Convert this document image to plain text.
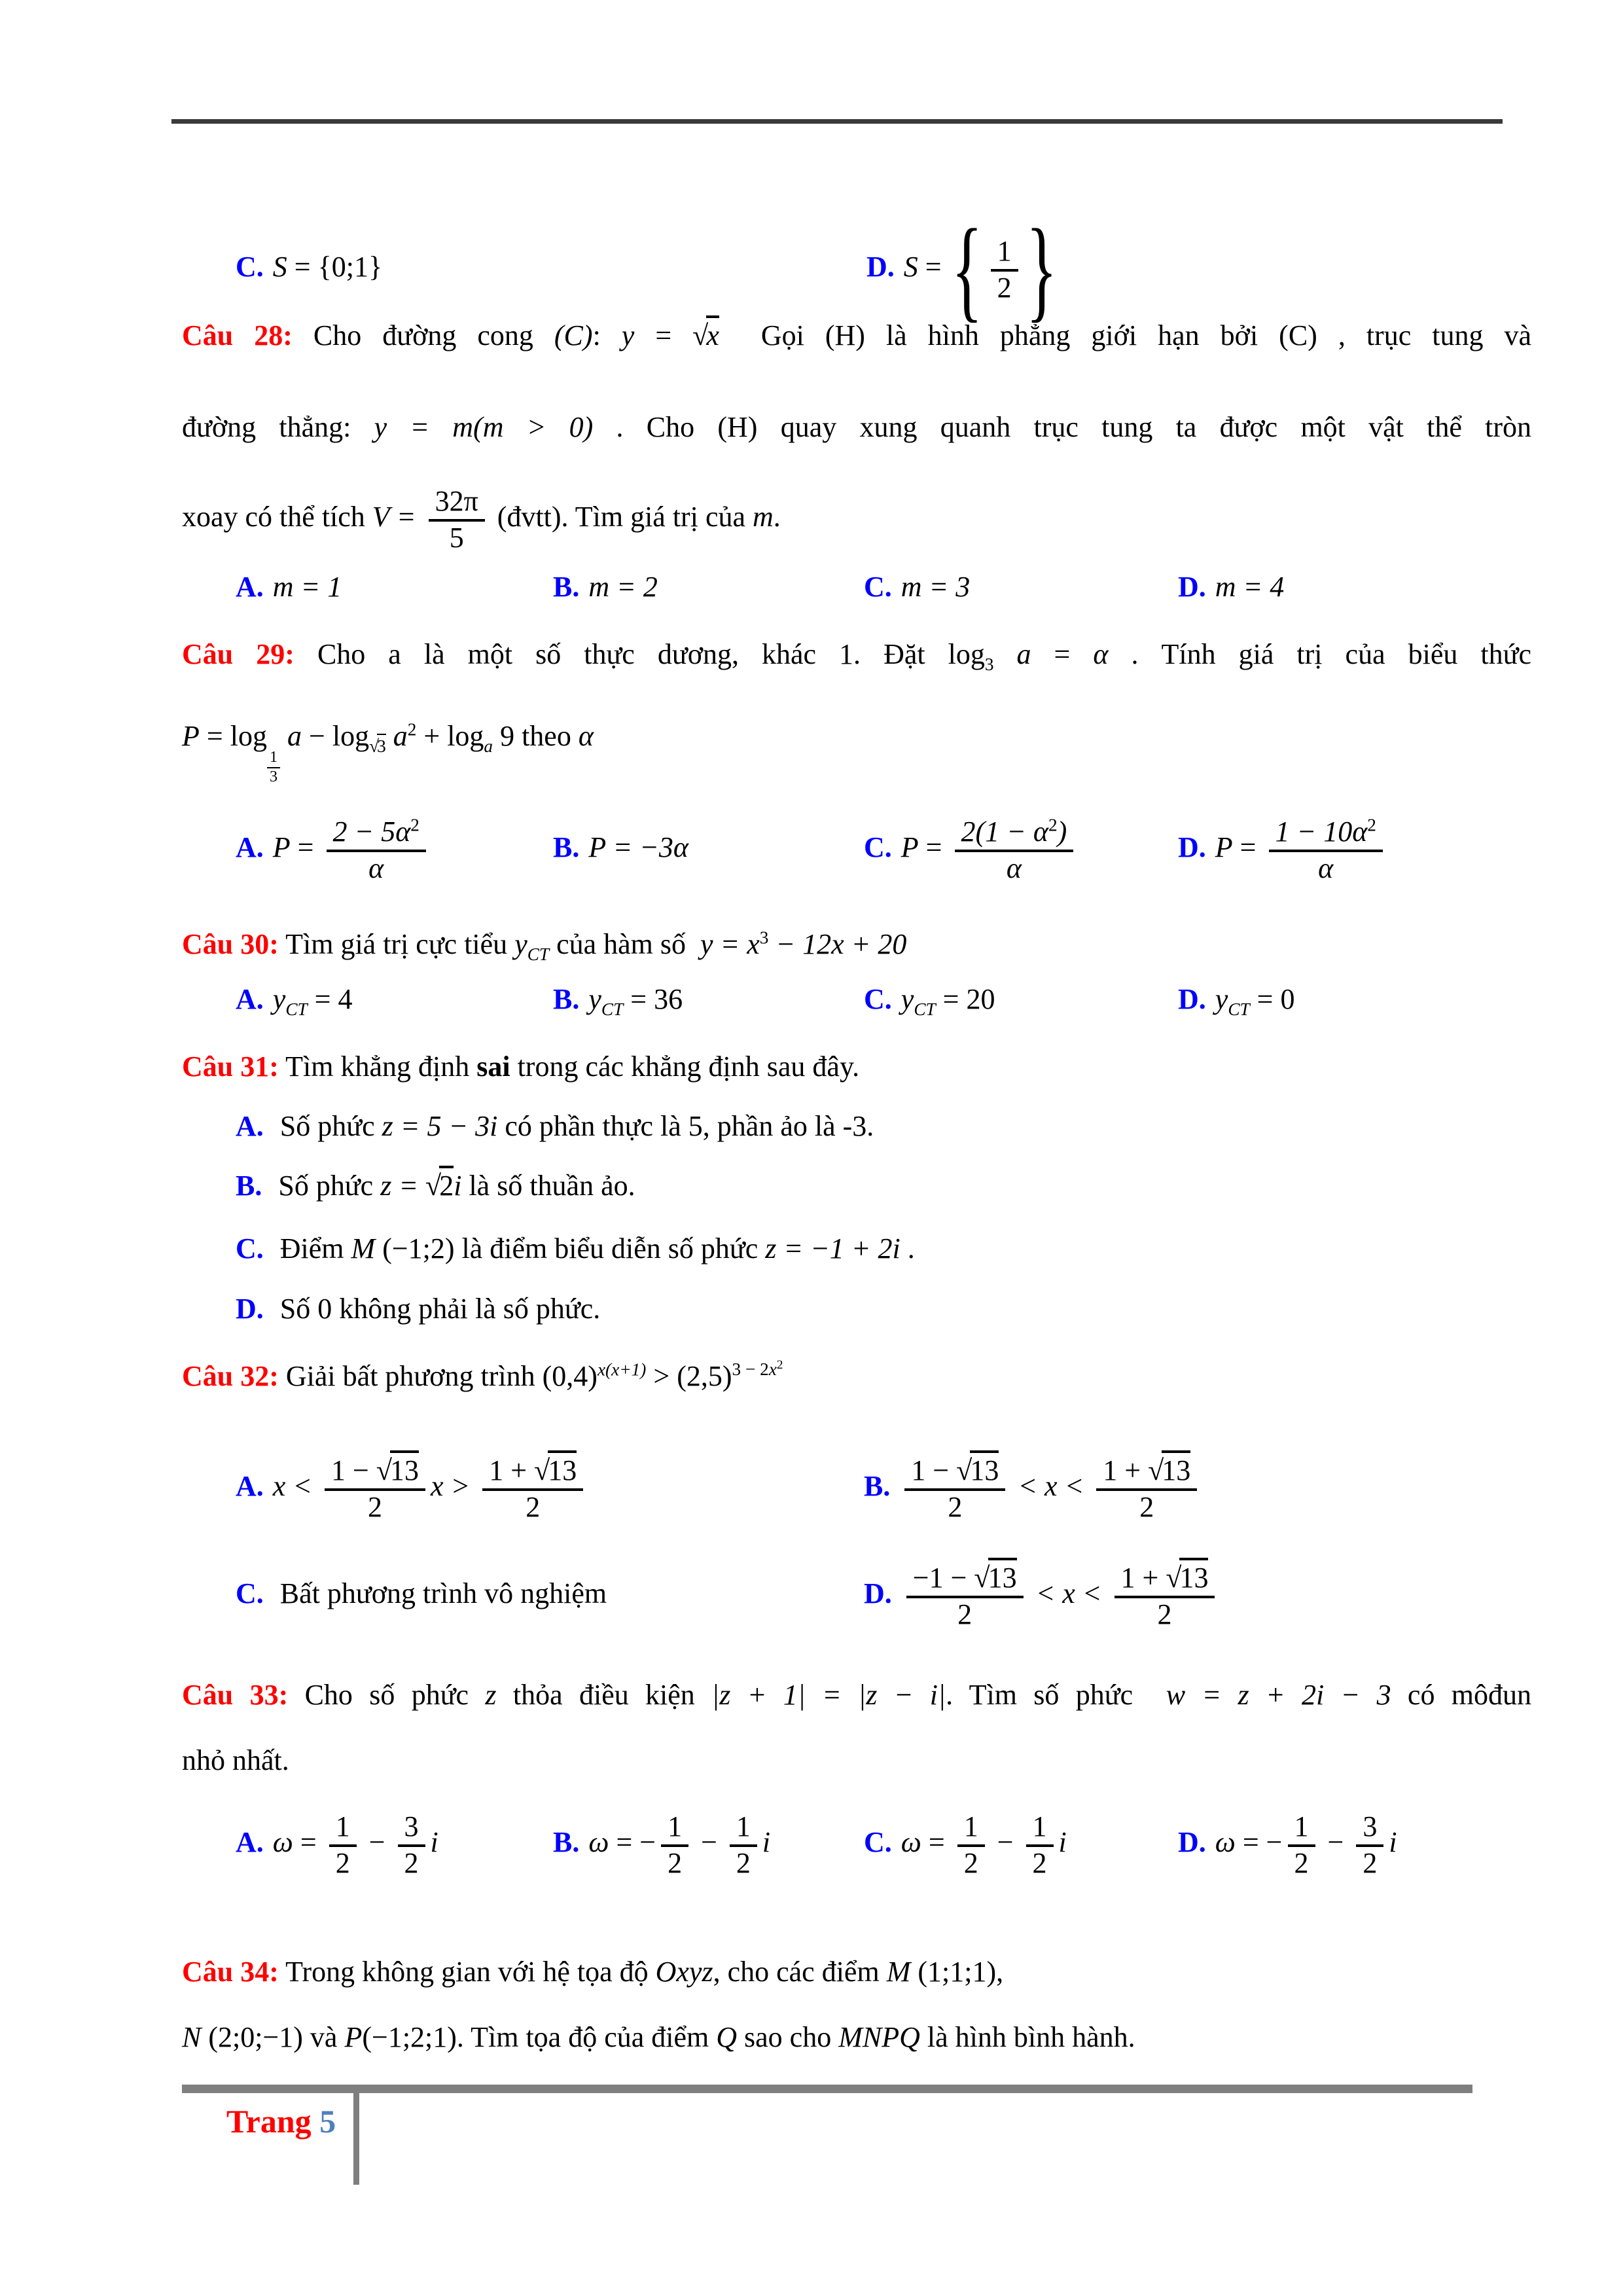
C. S = {0;1}	D. S = { $\frac{1}{2}$ }
Câu 28: Cho đường cong (C): y = √x  Gọi (H) là hình phẳng giới hạn bởi (C) , trục tung và
đường thẳng: y = m(m > 0) . Cho (H) quay xung quanh trục tung ta được một vật thể tròn
xoay có thể tích $V = \frac{32\pi}{5}$ (đvtt). Tìm giá trị của m.
A. m = 1	B. m = 2	C. m = 3	D. m = 4
Câu 29: Cho a là một số thực dương, khác 1. Đặt $\log_3 a = \alpha$ . Tính giá trị của biểu thức
P = log
$\frac{1}{3}$
$a - \log_{√3} a^2 + \log_a 9$ theo α
A. $P = \frac{2 - 5\alpha^2}{\alpha}$	B. P = −3α	C. $P = \frac{2(1 - \alpha^2)}{\alpha}$	D. $P = \frac{1 - 10\alpha^2}{\alpha}$
Câu 30: Tìm giá trị cực tiểu $y_{CT}$ của hàm số  $y = x^3 - 12x + 20$
A. $y_{CT} = 4$	B. $y_{CT} = 36$	C. $y_{CT} = 20$	D. $y_{CT} = 0$
Câu 31: Tìm khẳng định sai trong các khẳng định sau đây.
A. Số phức z = 5 − 3i có phần thực là 5, phần ảo là -3.
B. Số phức z = √2i là số thuần ảo.
C. Điểm M (−1;2) là điểm biểu diễn số phức z = −1 + 2i .
D. Số 0 không phải là số phức.
Câu 32: Giải bất phương trình $(0,4)^{x(x+1)} > (2,5)^{3 - 2x^2}$
A. $x < \frac{1 - √13}{2}$ $x > \frac{1 + √13}{2}$	B. $\frac{1 - √13}{2} < x < \frac{1 + √13}{2}$
C. Bất phương trình vô nghiệm	D. $\frac{-1 - √13}{2} < x < \frac{1 + √13}{2}$
Câu 33: Cho số phức z thỏa điều kiện |z + 1| = |z − i|. Tìm số phức  w = z + 2i − 3 có môđun
nhỏ nhất.
A. $\omega = \frac{1}{2} - \frac{3}{2}$ i	B. ω = − $\frac{1}{2} - \frac{1}{2}$ i	C. $\omega = \frac{1}{2} - \frac{1}{2}$ i	D. ω = − $\frac{1}{2} - \frac{3}{2}$ i
Câu 34: Trong không gian với hệ tọa độ Oxyz, cho các điểm M (1;1;1),
N (2;0;−1) và P(−1;2;1). Tìm tọa độ của điểm Q sao cho MNPQ là hình bình hành.
Trang 5
